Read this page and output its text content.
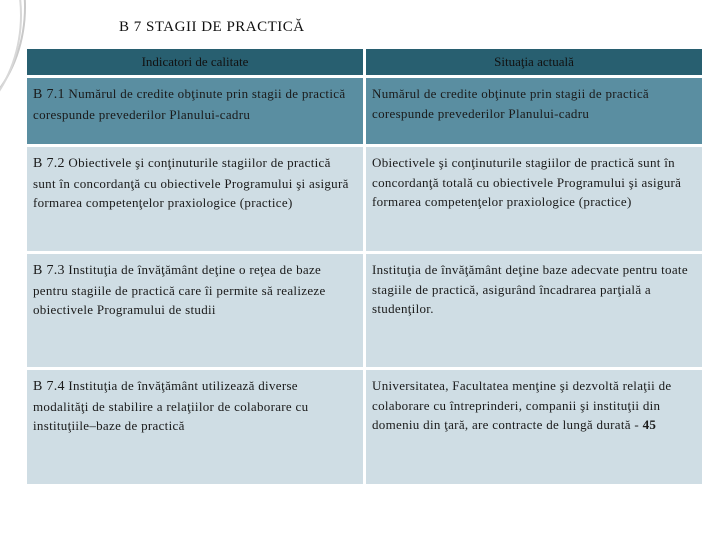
B 7 STAGII DE PRACTICĂ
Indicatori de calitate	Situaţia actuală
B 7.1 Numărul de credite obţinute prin stagii de practică corespunde prevederilor Planului-cadru	Numărul de credite obţinute prin stagii de practică corespunde prevederilor Planului-cadru
B 7.2 Obiectivele şi conţinuturile stagiilor de practică sunt în concordanţă cu obiectivele Programului şi asigură formarea competenţelor praxiologice (practice)	Obiectivele şi conţinuturile stagiilor de practică sunt în concordanţă totală cu obiectivele Programului şi asigură formarea competenţelor praxiologice (practice)
B 7.3 Instituţia de învăţământ deţine o reţea de baze pentru stagiile de practică care îi permite să realizeze obiectivele Programului de studii	Instituţia de învăţământ deţine baze adecvate pentru toate stagiile de practică, asigurând încadrarea parţială a studenţilor.
B 7.4 Instituţia de învăţământ utilizează diverse modalităţi de stabilire a relaţiilor de colaborare cu instituţiile–baze de practică	Universitatea, Facultatea menţine şi dezvoltă relaţii de colaborare cu întreprinderi, companii şi instituţii din domeniu din ţară, are contracte de lungă durată - 45
